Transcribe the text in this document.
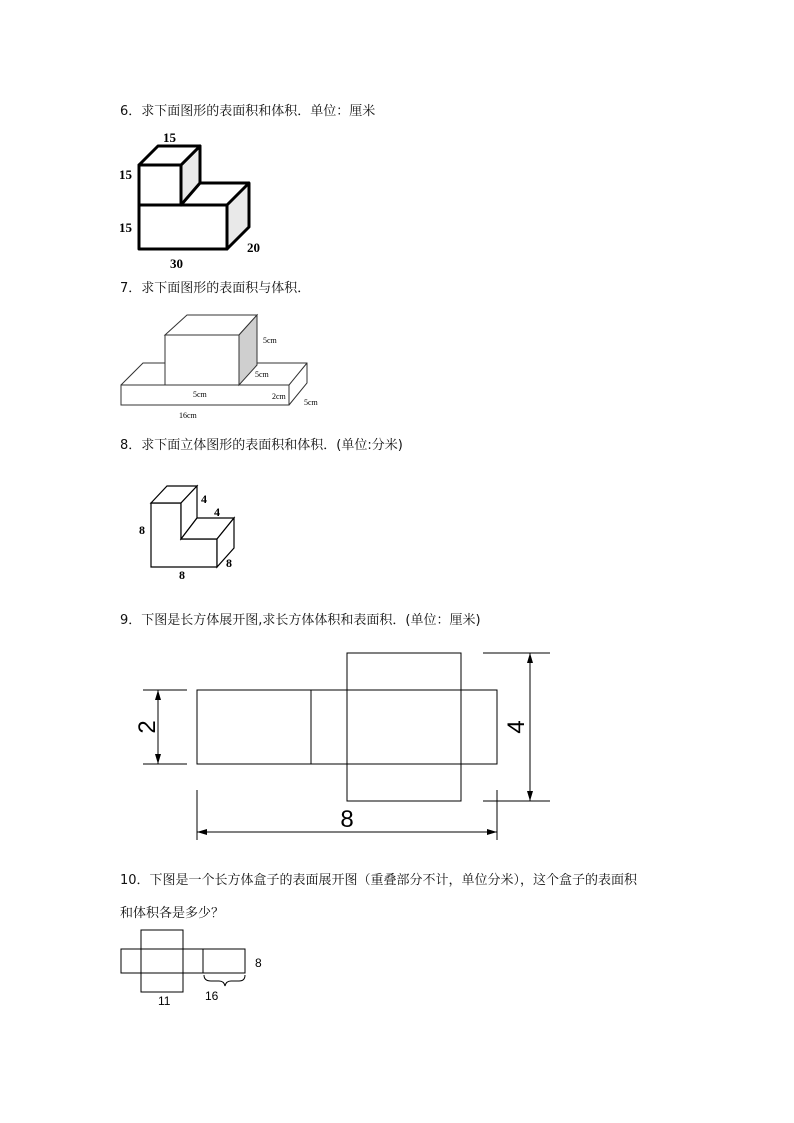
6．求下面图形的表面积和体积．单位：厘米
15
15
15
30
20
7．求下面图形的表面积与体积．
5cm
5cm
5cm	2cm
5cm
16cm
8．求下面立体图形的表面积和体积．(单位:分米)
4
4
8
8
8
9．下图是长方体展开图,求长方体体积和表面积．(单位：厘米)
2	4
8
10．下图是一个长方体盒子的表面展开图（重叠部分不计，单位分米），这个盒子的表面积
和体积各是多少？
8
11	16
